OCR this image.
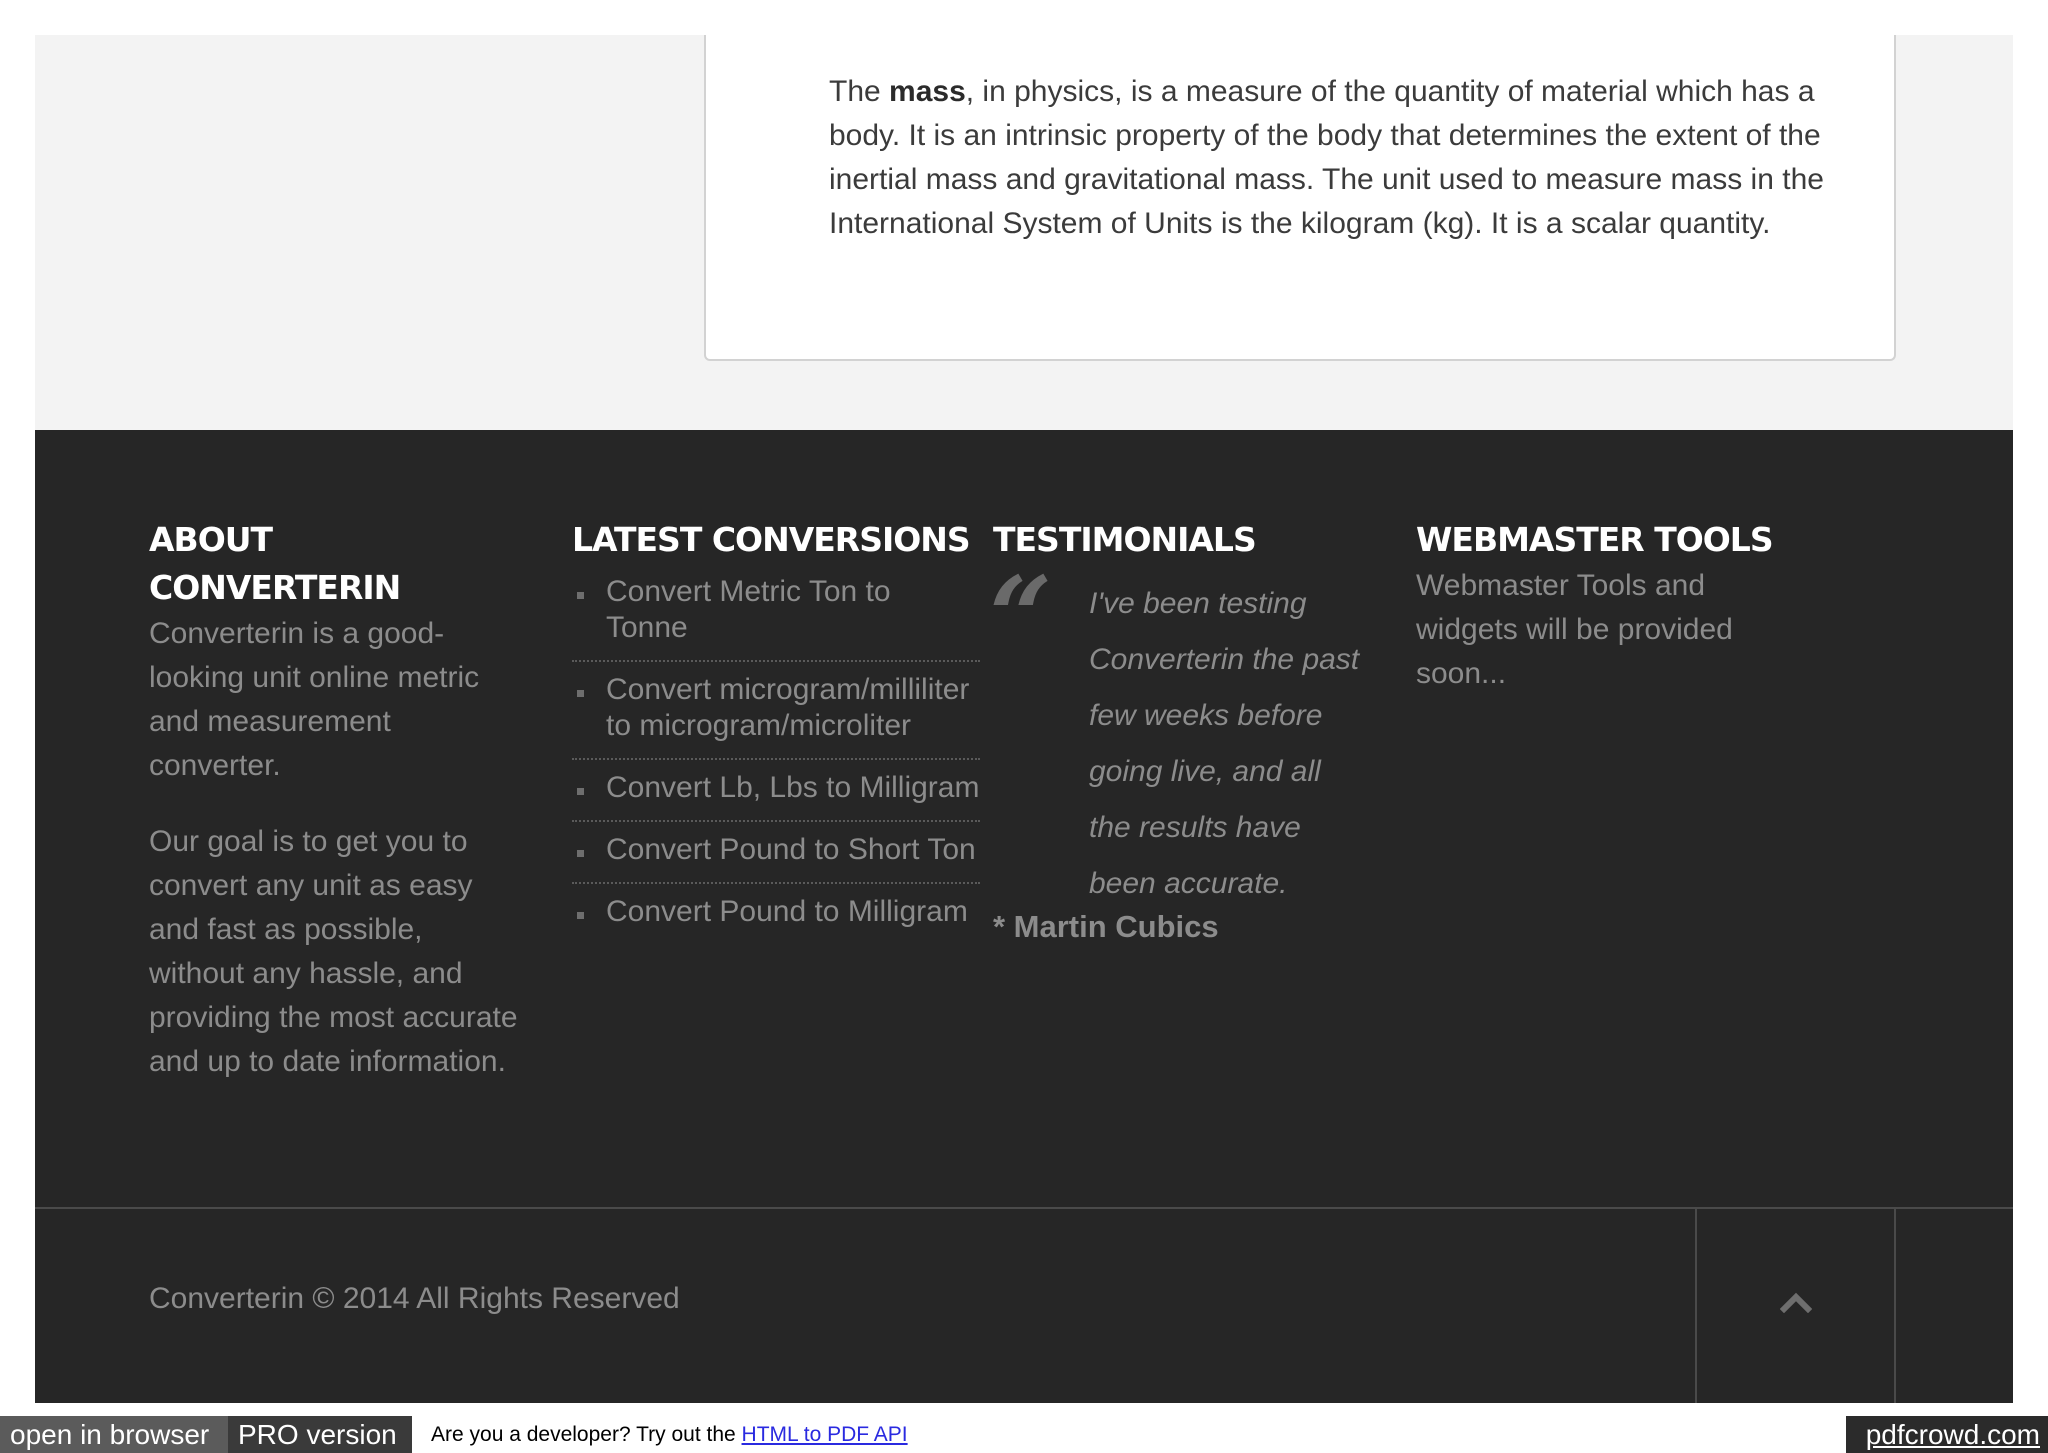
The mass, in physics, is a measure of the quantity of material which has a body. It is an intrinsic property of the body that determines the extent of the inertial mass and gravitational mass. The unit used to measure mass in the International System of Units is the kilogram (kg). It is a scalar quantity.

ABOUT CONVERTERIN

Converterin is a good-looking unit online metric and measurement converter.

Our goal is to get you to convert any unit as easy and fast as possible, without any hassle, and providing the most accurate and up to date information.

LATEST CONVERSIONS
Convert Metric Ton to Tonne
Convert microgram/milliliter to microgram/microliter
Convert Lb, Lbs to Milligram
Convert Pound to Short Ton
Convert Pound to Milligram
TESTIMONIALS
“ I've been testing Converterin the past few weeks before going live, and all the results have been accurate.

* Martin Cubics

WEBMASTER TOOLS

Webmaster Tools and widgets will be provided soon...

Converterin © 2014 All Rights Reserved
open in browser	PRO version	Are you a developer? Try out the HTML to PDF API	pdfcrowd.com
